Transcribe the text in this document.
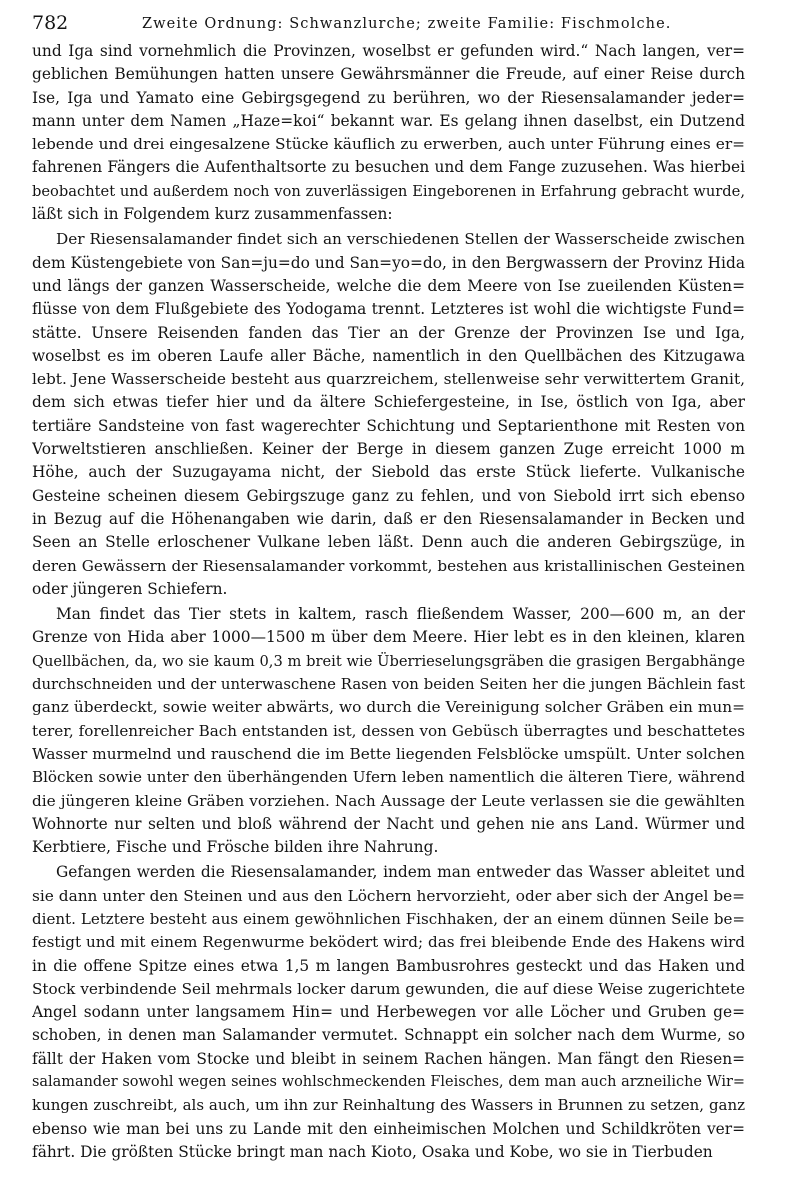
782	Zweite Ordnung: Schwanzlurche; zweite Familie: Fischmolche.
und Iga sind vornehmlich die Provinzen, woselbst er gefunden wird.“ Nach langen, ver=
geblichen Bemühungen hatten unsere Gewährsmänner die Freude, auf einer Reise durch
Ise, Iga und Yamato eine Gebirgsgegend zu berühren, wo der Riesensalamander jeder=
mann unter dem Namen „Haze=koi“ bekannt war. Es gelang ihnen daselbst, ein Dutzend
lebende und drei eingesalzene Stücke käuflich zu erwerben, auch unter Führung eines er=
fahrenen Fängers die Aufenthaltsorte zu besuchen und dem Fange zuzusehen. Was hierbei
beobachtet und außerdem noch von zuverlässigen Eingeborenen in Erfahrung gebracht wurde,
läßt sich in Folgendem kurz zusammenfassen:
Der Riesensalamander findet sich an verschiedenen Stellen der Wasserscheide zwischen
dem Küstengebiete von San=ju=do und San=yo=do, in den Bergwassern der Provinz Hida
und längs der ganzen Wasserscheide, welche die dem Meere von Ise zueilenden Küsten=
flüsse von dem Flußgebiete des Yodogama trennt. Letzteres ist wohl die wichtigste Fund=
stätte. Unsere Reisenden fanden das Tier an der Grenze der Provinzen Ise und Iga,
woselbst es im oberen Laufe aller Bäche, namentlich in den Quellbächen des Kitzugawa
lebt. Jene Wasserscheide besteht aus quarzreichem, stellenweise sehr verwittertem Granit,
dem sich etwas tiefer hier und da ältere Schiefergesteine, in Ise, östlich von Iga, aber
tertiäre Sandsteine von fast wagerechter Schichtung und Septarienthone mit Resten von
Vorweltstieren anschließen. Keiner der Berge in diesem ganzen Zuge erreicht 1000 m
Höhe, auch der Suzugayama nicht, der Siebold das erste Stück lieferte. Vulkanische
Gesteine scheinen diesem Gebirgszuge ganz zu fehlen, und von Siebold irrt sich ebenso
in Bezug auf die Höhenangaben wie darin, daß er den Riesensalamander in Becken und
Seen an Stelle erloschener Vulkane leben läßt. Denn auch die anderen Gebirgszüge, in
deren Gewässern der Riesensalamander vorkommt, bestehen aus kristallinischen Gesteinen
oder jüngeren Schiefern.
Man findet das Tier stets in kaltem, rasch fließendem Wasser, 200—600 m, an der
Grenze von Hida aber 1000—1500 m über dem Meere. Hier lebt es in den kleinen, klaren
Quellbächen, da, wo sie kaum 0,3 m breit wie Überrieselungsgräben die grasigen Bergabhänge
durchschneiden und der unterwaschene Rasen von beiden Seiten her die jungen Bächlein fast
ganz überdeckt, sowie weiter abwärts, wo durch die Vereinigung solcher Gräben ein mun=
terer, forellenreicher Bach entstanden ist, dessen von Gebüsch überragtes und beschattetes
Wasser murmelnd und rauschend die im Bette liegenden Felsblöcke umspült. Unter solchen
Blöcken sowie unter den überhängenden Ufern leben namentlich die älteren Tiere, während
die jüngeren kleine Gräben vorziehen. Nach Aussage der Leute verlassen sie die gewählten
Wohnorte nur selten und bloß während der Nacht und gehen nie ans Land. Würmer und
Kerbtiere, Fische und Frösche bilden ihre Nahrung.
Gefangen werden die Riesensalamander, indem man entweder das Wasser ableitet und
sie dann unter den Steinen und aus den Löchern hervorzieht, oder aber sich der Angel be=
dient. Letztere besteht aus einem gewöhnlichen Fischhaken, der an einem dünnen Seile be=
festigt und mit einem Regenwurme beködert wird; das frei bleibende Ende des Hakens wird
in die offene Spitze eines etwa 1,5 m langen Bambusrohres gesteckt und das Haken und
Stock verbindende Seil mehrmals locker darum gewunden, die auf diese Weise zugerichtete
Angel sodann unter langsamem Hin= und Herbewegen vor alle Löcher und Gruben ge=
schoben, in denen man Salamander vermutet. Schnappt ein solcher nach dem Wurme, so
fällt der Haken vom Stocke und bleibt in seinem Rachen hängen. Man fängt den Riesen=
salamander sowohl wegen seines wohlschmeckenden Fleisches, dem man auch arzneiliche Wir=
kungen zuschreibt, als auch, um ihn zur Reinhaltung des Wassers in Brunnen zu setzen, ganz
ebenso wie man bei uns zu Lande mit den einheimischen Molchen und Schildkröten ver=
fährt. Die größten Stücke bringt man nach Kioto, Osaka und Kobe, wo sie in Tierbuden
